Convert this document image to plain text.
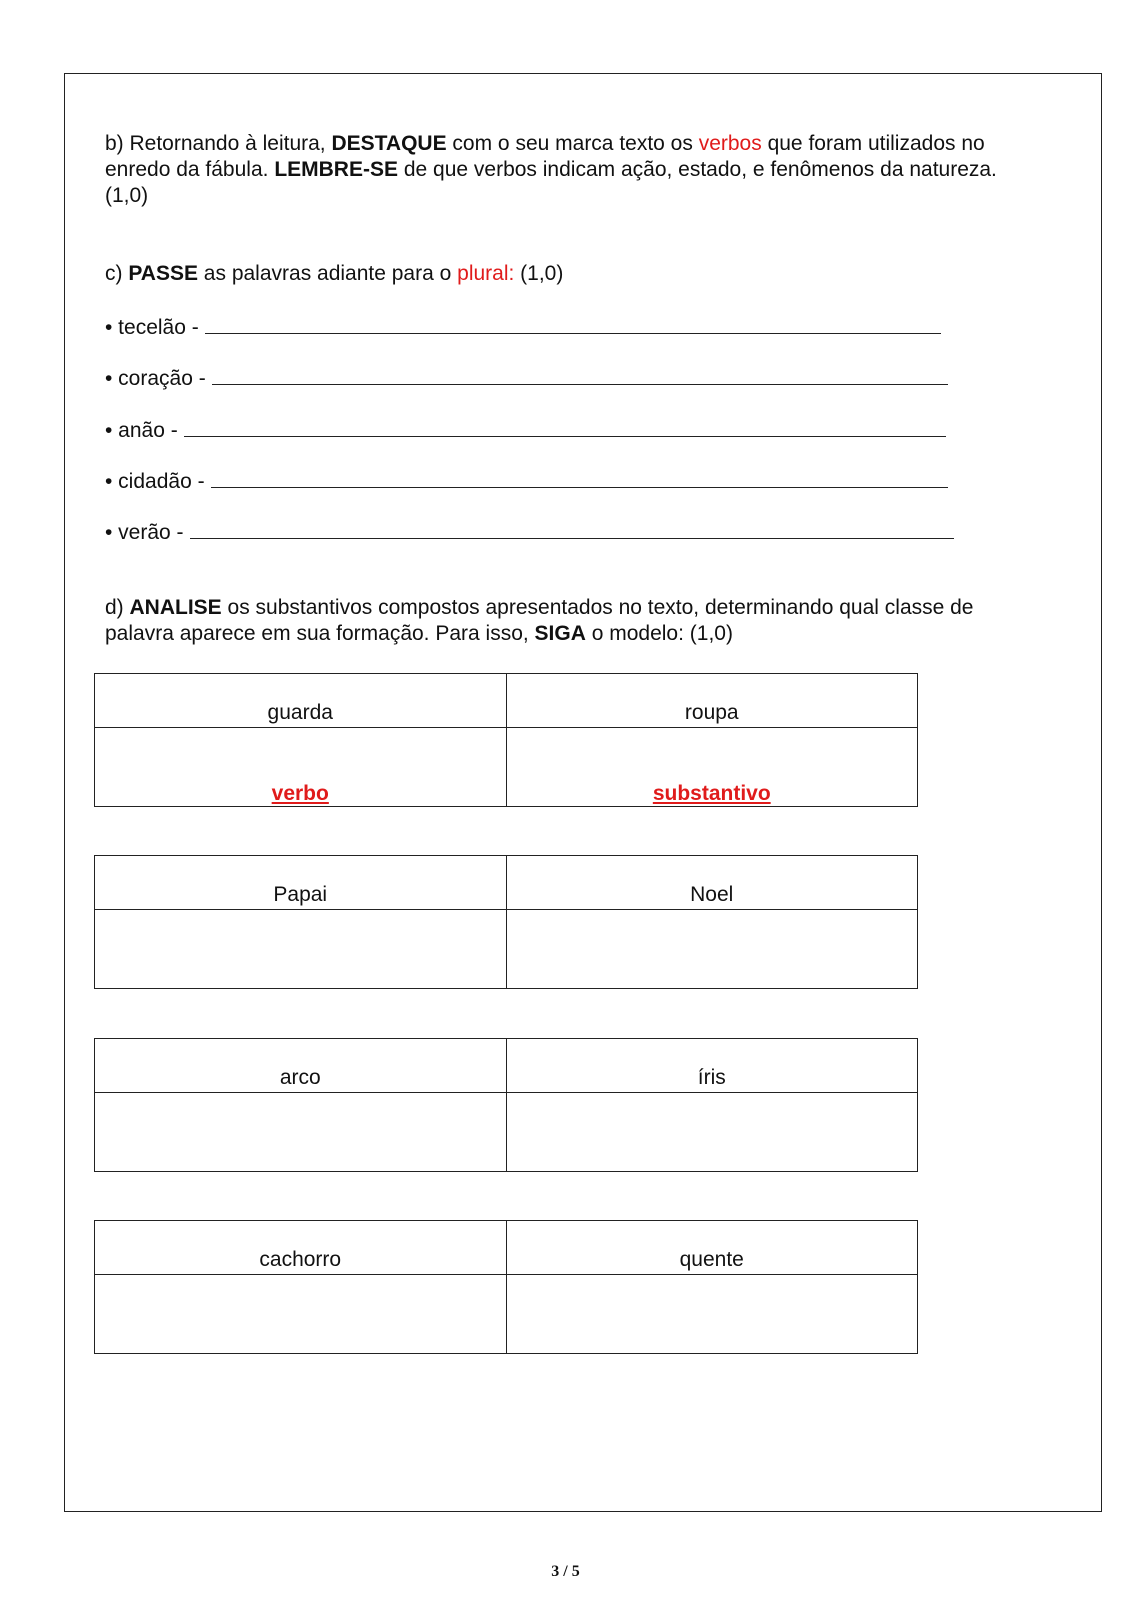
b) Retornando à leitura, DESTAQUE com o seu marca texto os verbos que foram utilizados no enredo da fábula. LEMBRE-SE de que verbos indicam ação, estado, e fenômenos da natureza. (1,0)

c) PASSE as palavras adiante para o plural: (1,0)

• tecelão -
• coração -
• anão -
• cidadão -
• verão -

d) ANALISE os substantivos compostos apresentados no texto, determinando qual classe de palavra aparece em sua formação. Para isso, SIGA o modelo: (1,0)

guarda	roupa
verbo	substantivo
Papai	Noel

arco	íris

cachorro	quente

3 / 5
